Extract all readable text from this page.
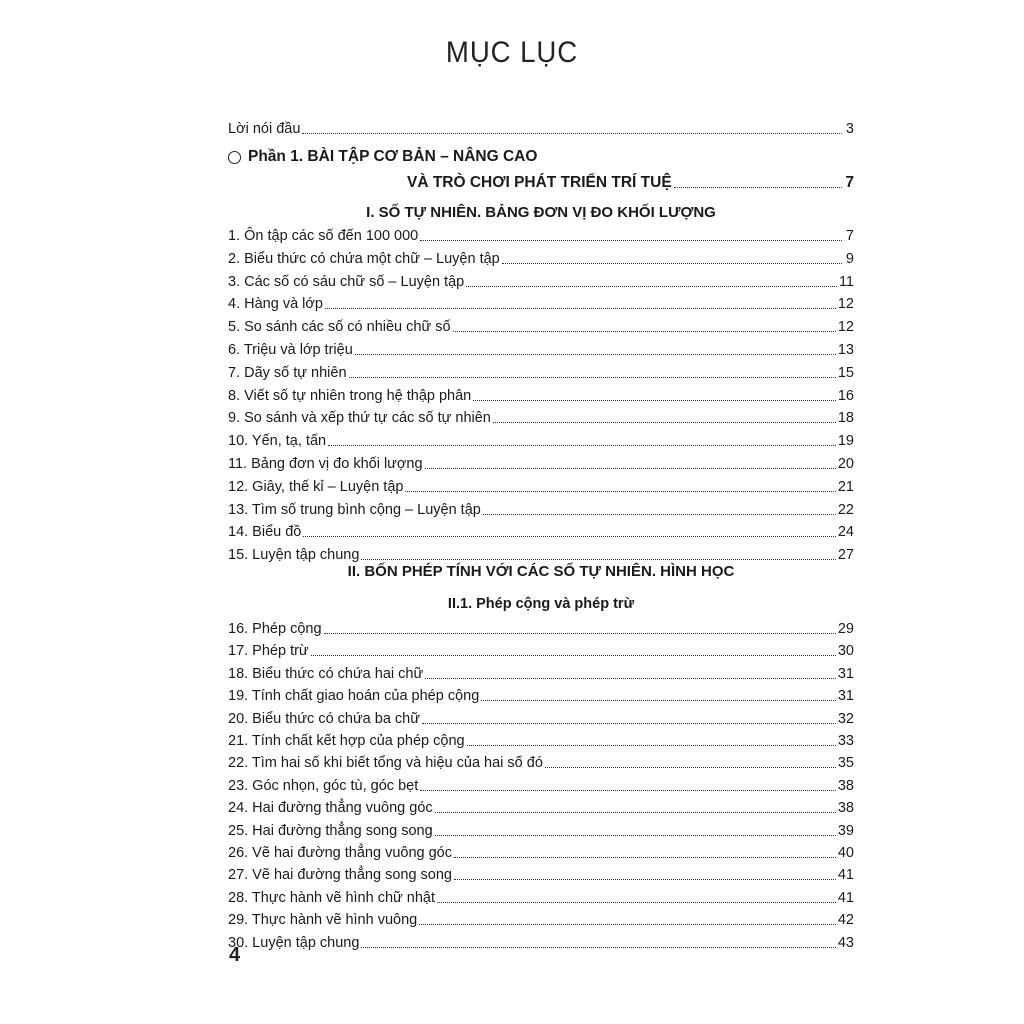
MỤC LỤC
Lời nói đầu	3
Phần 1. BÀI TẬP CƠ BẢN – NÂNG CAO
VÀ TRÒ CHƠI PHÁT TRIỂN TRÍ TUỆ	7
I. SỐ TỰ NHIÊN. BẢNG ĐƠN VỊ ĐO KHỐI LƯỢNG
1. Ôn tập các số đến 100 000	7
2. Biểu thức có chứa một chữ – Luyện tập	9
3. Các số có sáu chữ số – Luyện tập	11
4. Hàng và lớp	12
5. So sánh các số có nhiều chữ số	12
6. Triệu và lớp triệu	13
7. Dãy số tự nhiên	15
8. Viết số tự nhiên trong hệ thập phân	16
9. So sánh và xếp thứ tự các số tự nhiên	18
10. Yến, tạ, tấn	19
11. Bảng đơn vị đo khối lượng	20
12. Giây, thế kỉ – Luyện tập	21
13. Tìm số trung bình cộng – Luyện tập	22
14. Biểu đồ	24
15. Luyện tập chung	27
II. BỐN PHÉP TÍNH VỚI CÁC SỐ TỰ NHIÊN. HÌNH HỌC
II.1. Phép cộng và phép trừ
16. Phép cộng	29
17. Phép trừ	30
18. Biểu thức có chứa hai chữ	31
19. Tính chất giao hoán của phép cộng	31
20. Biểu thức có chứa ba chữ	32
21. Tính chất kết hợp của phép cộng	33
22. Tìm hai số khi biết tổng và hiệu của hai số đó	35
23. Góc nhọn, góc tù, góc bẹt	38
24. Hai đường thẳng vuông góc	38
25. Hai đường thẳng song song	39
26. Vẽ hai đường thẳng vuông góc	40
27. Vẽ hai đường thẳng song song	41
28. Thực hành vẽ hình chữ nhật	41
29. Thực hành vẽ hình vuông	42
30. Luyện tập chung	43
4
